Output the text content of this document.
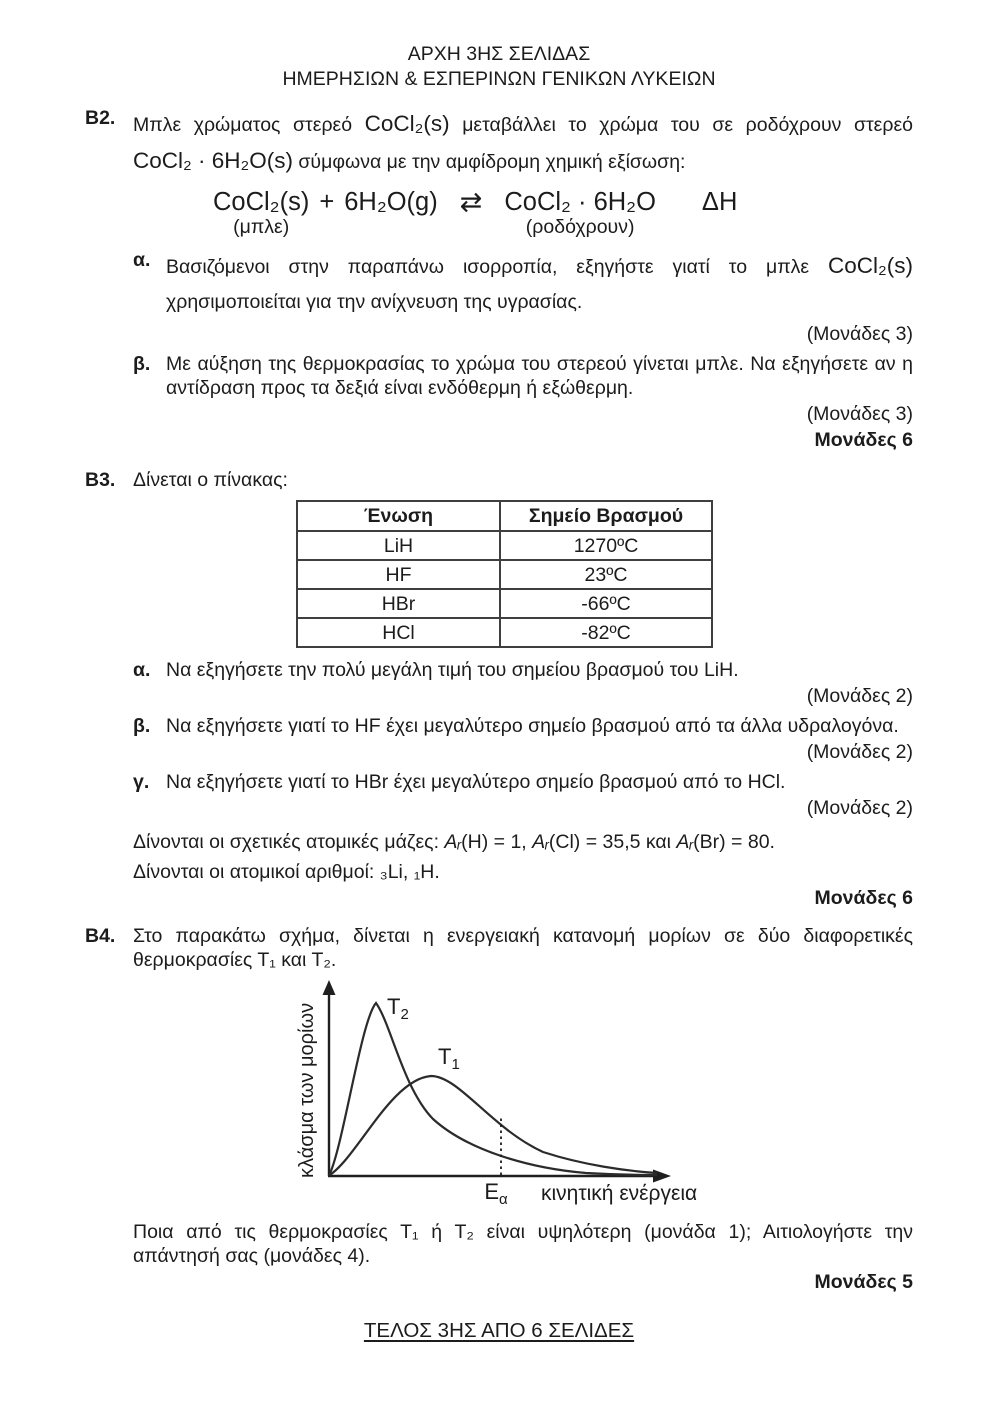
ΑΡΧΗ 3ΗΣ ΣΕΛΙΔΑΣ
ΗΜΕΡΗΣΙΩΝ & ΕΣΠΕΡΙΝΩΝ ΓΕΝΙΚΩΝ ΛΥΚΕΙΩΝ
Β2. Μπλε χρώματος στερεό CoCl₂(s) μεταβάλλει το χρώμα του σε ροδόχρουν στερεό CoCl₂ · 6H₂O(s) σύμφωνα με την αμφίδρομη χημική εξίσωση:

CoCl₂(s)
(μπλε)
+ 6H₂O(g) ⇄ CoCl₂ · 6H₂O
(ροδόχρουν)
ΔΗ
α. Βασιζόμενοι στην παραπάνω ισορροπία, εξηγήστε γιατί το μπλε CoCl₂(s) χρησιμοποιείται για την ανίχνευση της υγρασίας.
(Μονάδες 3)
β. Με αύξηση της θερμοκρασίας το χρώμα του στερεού γίνεται μπλε. Να εξηγήσετε αν η αντίδραση προς τα δεξιά είναι ενδόθερμη ή εξώθερμη.
(Μονάδες 3)
Μονάδες 6
Β3. Δίνεται ο πίνακας:

Ένωση	Σημείο Βρασμού
LiH	1270ºC
HF	23ºC
HBr	-66ºC
HCl	-82ºC
α. Να εξηγήσετε την πολύ μεγάλη τιμή του σημείου βρασμού του LiH.
(Μονάδες 2)
β. Να εξηγήσετε γιατί το HF έχει μεγαλύτερο σημείο βρασμού από τα άλλα υδραλογόνα.
(Μονάδες 2)
γ. Να εξηγήσετε γιατί το HBr έχει μεγαλύτερο σημείο βρασμού από το HCl.
(Μονάδες 2)

Δίνονται οι σχετικές ατομικές μάζες: Aᵣ(H) = 1, Aᵣ(Cl) = 35,5 και Aᵣ(Br) = 80.

Δίνονται οι ατομικοί αριθμοί: ₃Li, ₁H.

Μονάδες 6
Β4. Στο παρακάτω σχήμα, δίνεται η ενεργειακή κατανομή μορίων σε δύο διαφορετικές θερμοκρασίες Τ₁ και Τ₂.

$T_2$
$T_1$
$E_\alpha$ κινητική ενέργεια
κλάσμα των μορίων

Ποια από τις θερμοκρασίες Τ₁ ή Τ₂ είναι υψηλότερη (μονάδα 1); Αιτιολογήστε την απάντησή σας (μονάδες 4).

Μονάδες 5
ΤΕΛΟΣ 3ΗΣ ΑΠΟ 6 ΣΕΛΙΔΕΣ
